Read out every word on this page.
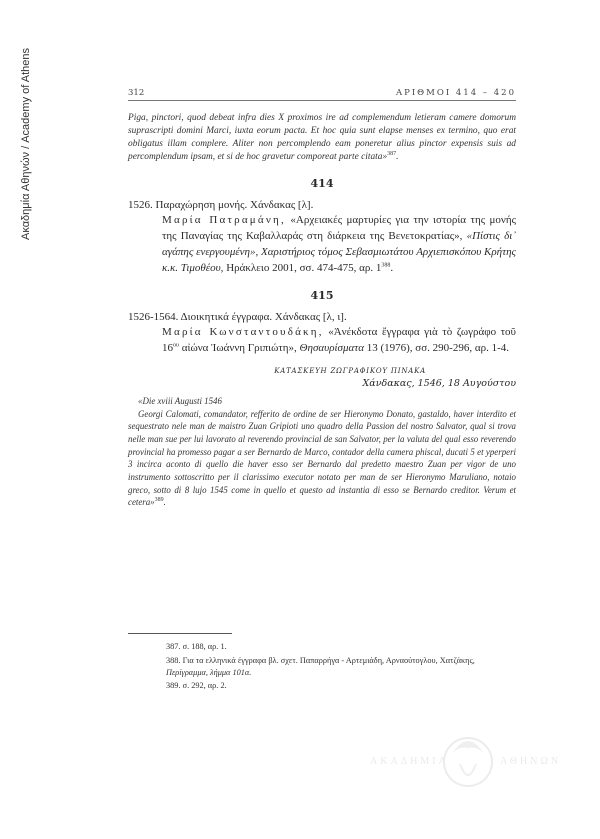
Ακαδημία Αθηνών / Academy of Athens	312	ΑΡΙΘΜΟΙ 414 – 420
Piga, pinctori, quod debeat infra dies X proximos ire ad complemendum letieram camere domorum suprascripti domini Marci, iuxta eorum pacta. Et hoc quia sunt elapse menses ex termino, quo erat obligatus illam complere. Aliter non percomplendo eam poneretur alius pinctor expensis suis ad percomplendum ipsam, et si de hoc gravetur comporeat parte citata»$^{387}$.
414
1526. Παραχώρηση μονής. Χάνδακας [λ].
Μαρία Πατραμάνη, «Αρχειακές μαρτυρίες για την ιστορία της μονής της Παναγίας της Καβαλλαράς στη διάρκεια της Βενετοκρατίας», «Πίστις δι᾽ αγάπης ενεργουμένη», Χαριστήριος τόμος Σεβασμιωτάτου Αρχιεπισκόπου Κρήτης κ.κ. Τιμοθέου, Ηράκλειο 2001, σσ. 474-475, αρ. $1^{388}$.
415
1526-1564. Διοικητικά έγγραφα. Χάνδακας [λ, ι].
Μαρία Κωνσταντουδάκη, «Ἀνέκδοτα ἔγγραφα γιὰ τὸ ζωγράφο τοῦ $16^{o\upsilon}$ αἰώνα Ἰωάννη Γριπιώτη», Θησαυρίσματα 13 (1976), σσ. 290-296, αρ. 1-4.
ΚΑΤΑΣΚΕΥΗ ΖΩΓΡΑΦΙΚΟΥ ΠΙΝΑΚΑ
Χάνδακας, 1546, 18 Αυγούστου
«Die xviii Augusti 1546
Georgi Calomati, comandator, refferito de ordine de ser Hieronymo Donato, gastaldo, haver interdito et sequestrato nele man de maistro Zuan Gripioti uno quadro della Passion del nostro Salvator, qual si trova nelle man sue per lui lavorato al reverendo provincial de san Salvator, per la valuta del qual esso reverendo provincial ha promesso pagar a ser Bernardo de Marco, contador della camera phiscal, ducati 5 et yperperi 3 incirca aconto di quello die haver esso ser Bernardo dal predetto maestro Zuan per vigor de uno instrumento sottoscritto per il clarissimo executor notato per man de ser Hieronymo Maruliano, notaio greco, sotto di 8 lujo 1545 come in quello et questo ad instantia di esso se Bernardo creditor. Verum et cetera»$^{389}$.
387. σ. 188, αρ. 1.
388. Για τα ελληνικά έγγραφα βλ. σχετ. Παπαρρήγα - Αρτεμιάδη, Αρναούτογλου, Χατζάκης,
Περίγραμμα, λήμμα 101α.
389. σ. 292, αρ. 2.
ΑΚΑΔΗΜΙΑ	ΑΘΗΝΩΝ
